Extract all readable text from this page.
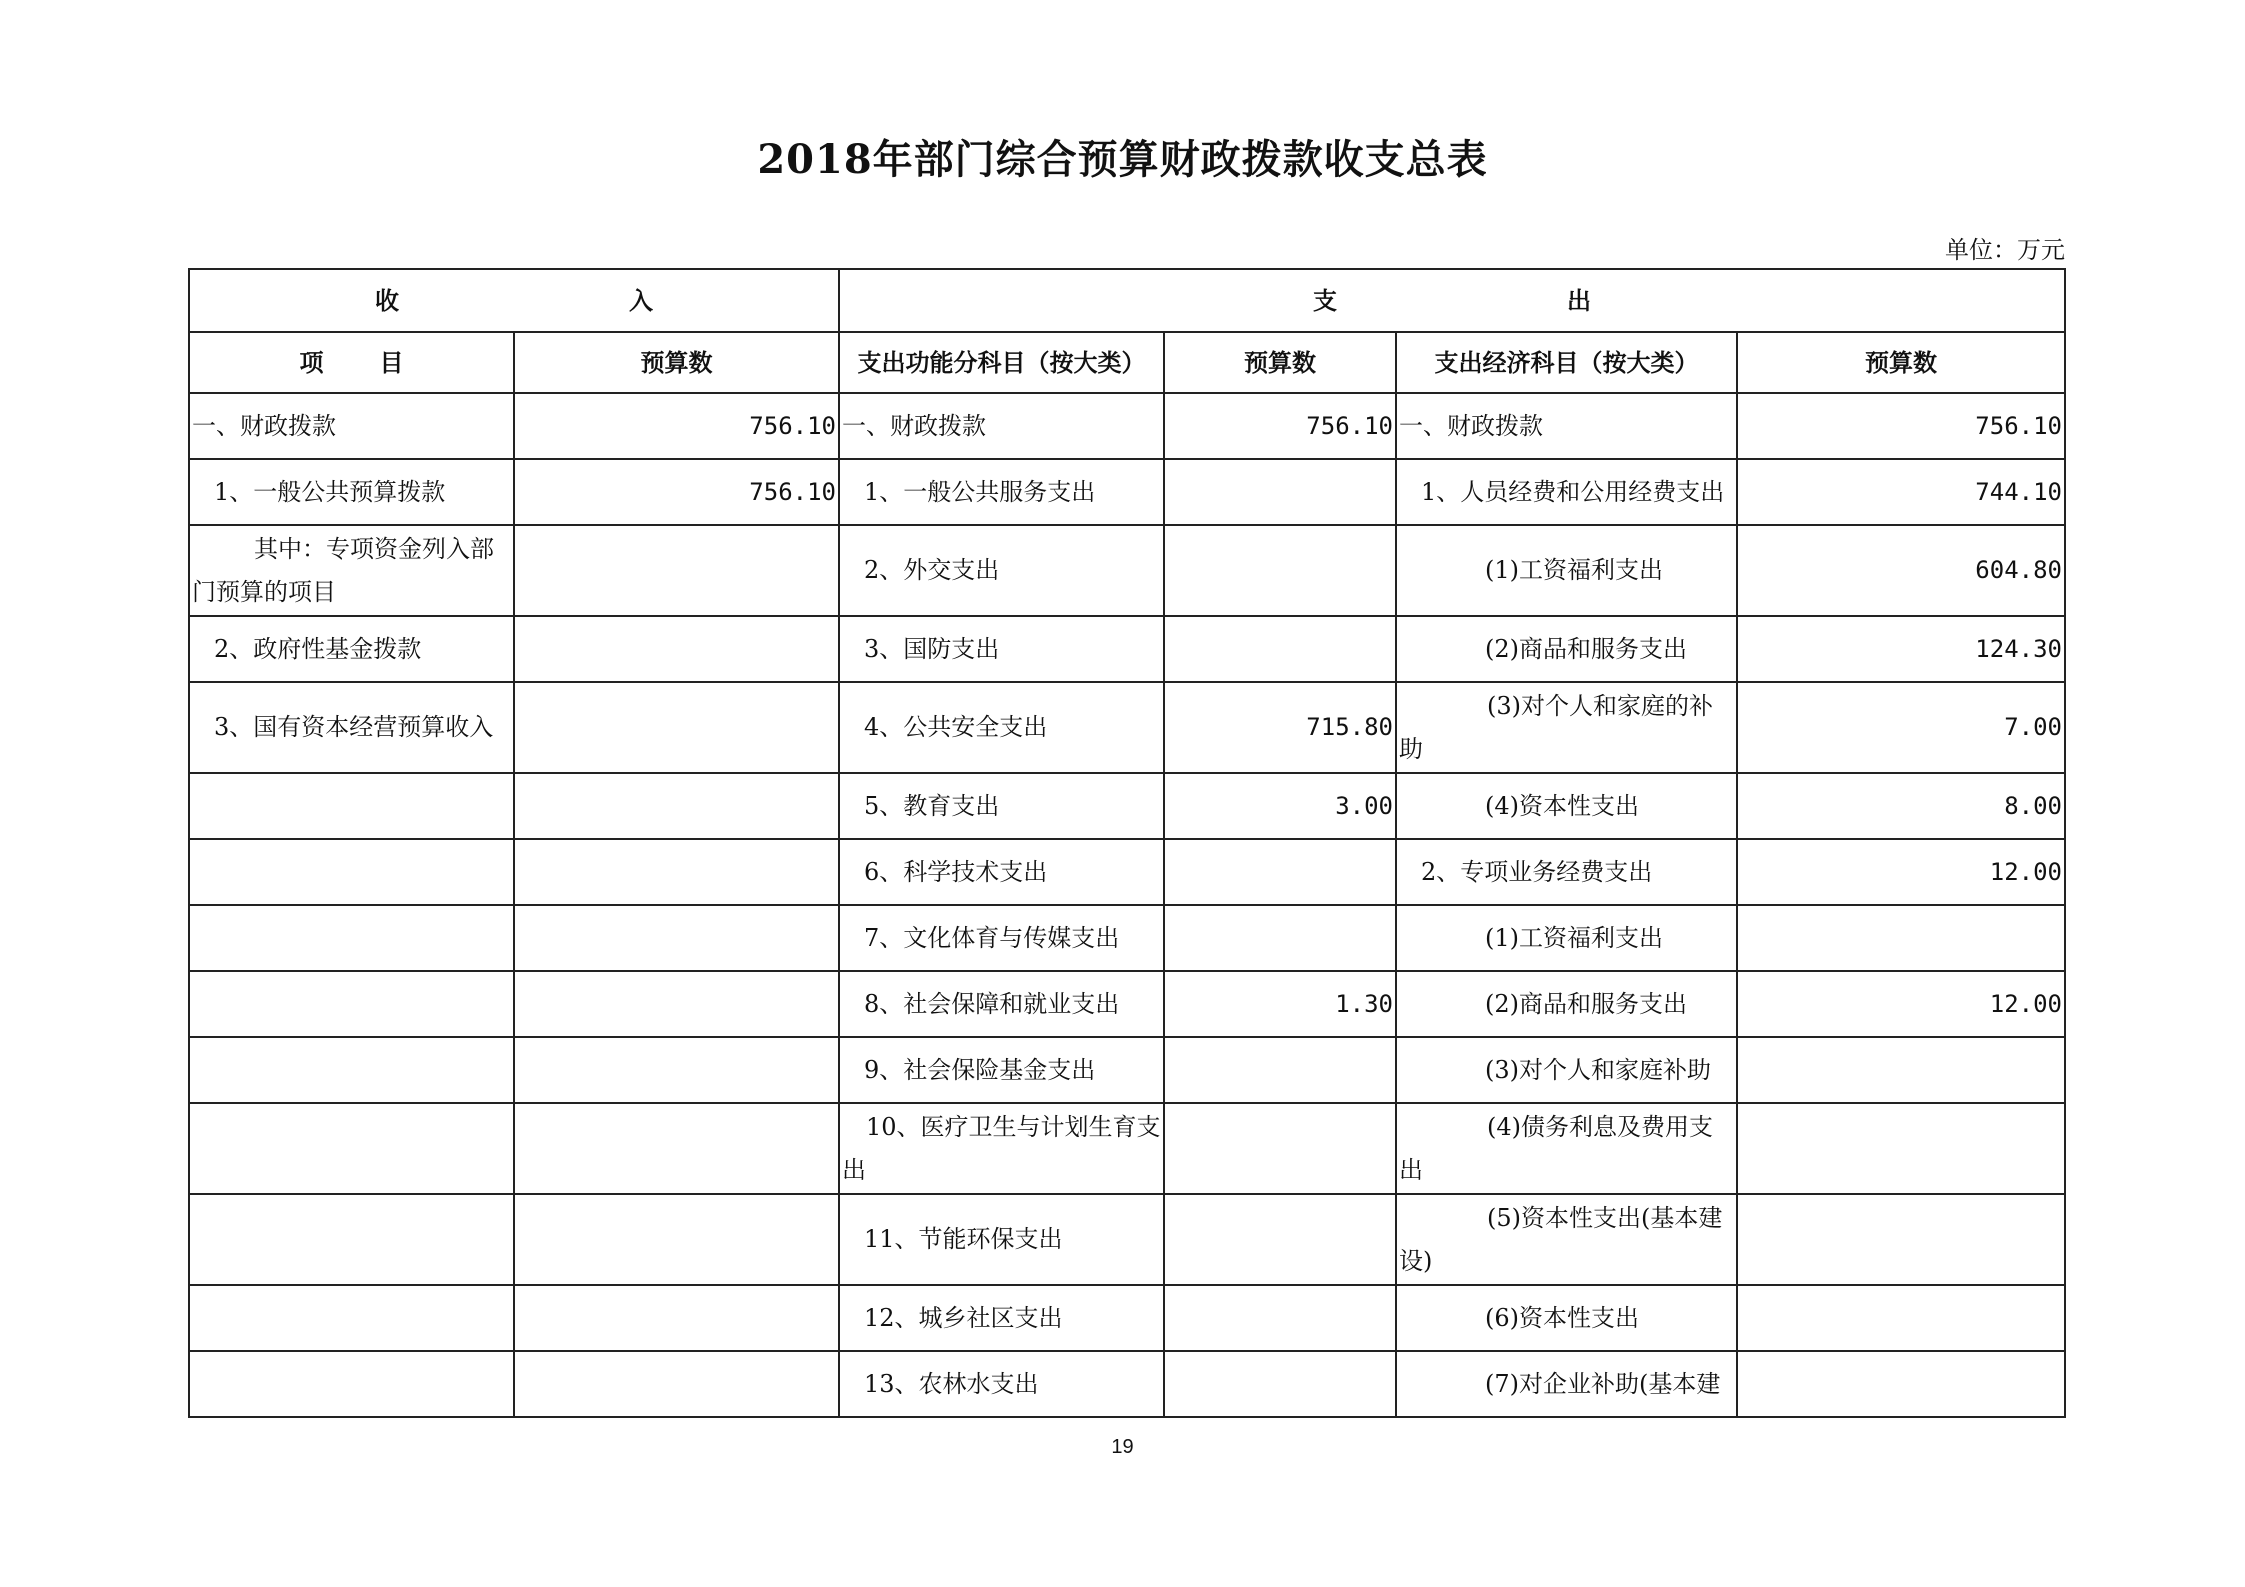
2018年部门综合预算财政拨款收支总表
单位：万元
收 入		支 出			
项 目	预算数	支出功能分科目（按大类）	预算数	支出经济科目（按大类）	预算数
一、财政拨款	756.10	一、财政拨款	756.10	一、财政拨款	756.10
1、一般公共预算拨款	756.10	1、一般公共服务支出		1、人员经费和公用经费支出	744.10
其中：专项资金列入部门预算的项目		2、外交支出		(1)工资福利支出	604.80
2、政府性基金拨款		3、国防支出		(2)商品和服务支出	124.30
3、国有资本经营预算收入		4、公共安全支出	715.80	(3)对个人和家庭的补助	7.00
		5、教育支出	3.00	(4)资本性支出	8.00
		6、科学技术支出		2、专项业务经费支出	12.00
		7、文化体育与传媒支出		(1)工资福利支出	
		8、社会保障和就业支出	1.30	(2)商品和服务支出	12.00
		9、社会保险基金支出		(3)对个人和家庭补助	
		10、医疗卫生与计划生育支出		(4)债务利息及费用支出	
		11、节能环保支出		(5)资本性支出(基本建设)	
		12、城乡社区支出		(6)资本性支出	
		13、农林水支出		(7)对企业补助(基本建	
19
